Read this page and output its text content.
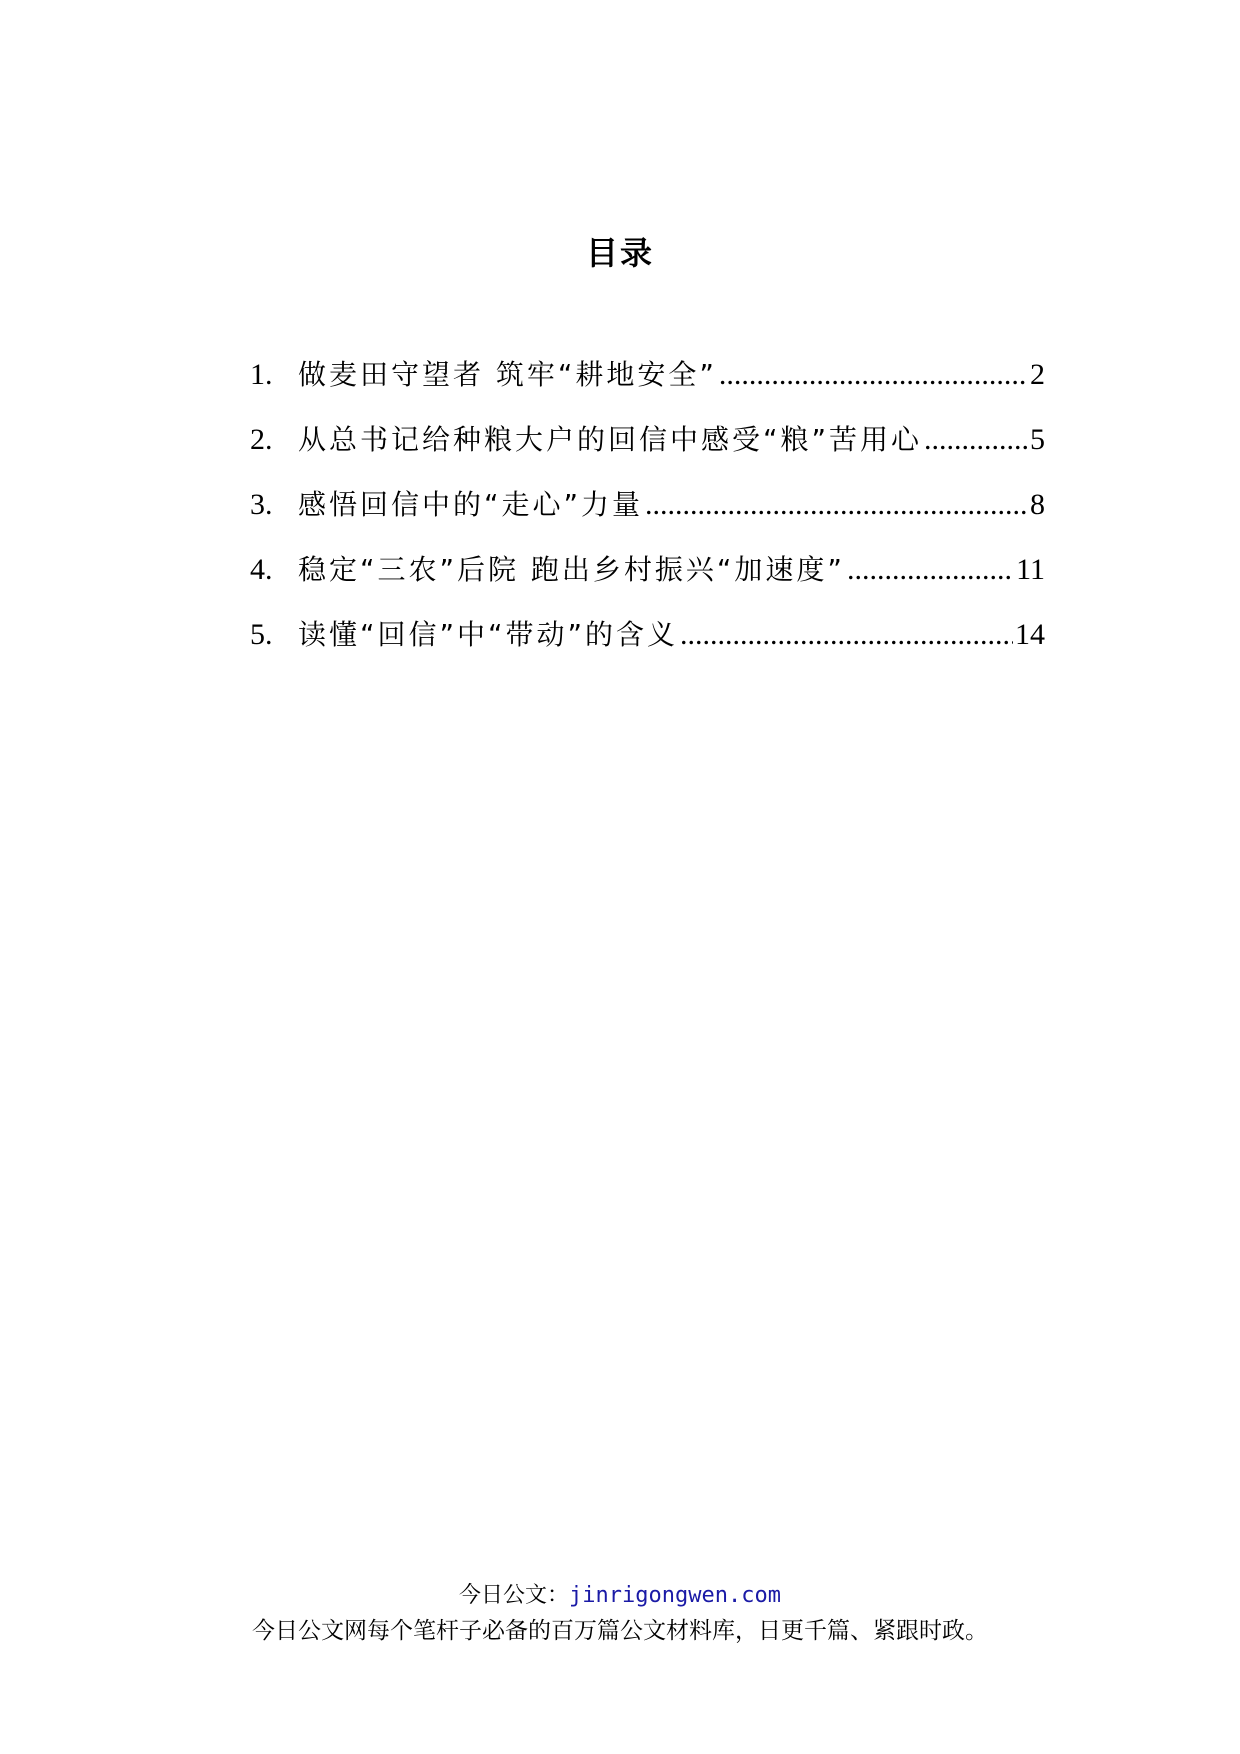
目录
1. 做麦田守望者 筑牢“耕地安全” .....	2
2. 从总书记给种粮大户的回信中感受“粮”苦用心 .....	5
3. 感悟回信中的“走心”力量 .....	8
4. 稳定“三农”后院 跑出乡村振兴“加速度” .....	11
5. 读懂“回信”中“带动”的含义 .....	14
今日公文：jinrigongwen.com
今日公文网每个笔杆子必备的百万篇公文材料库，日更千篇、紧跟时政。
